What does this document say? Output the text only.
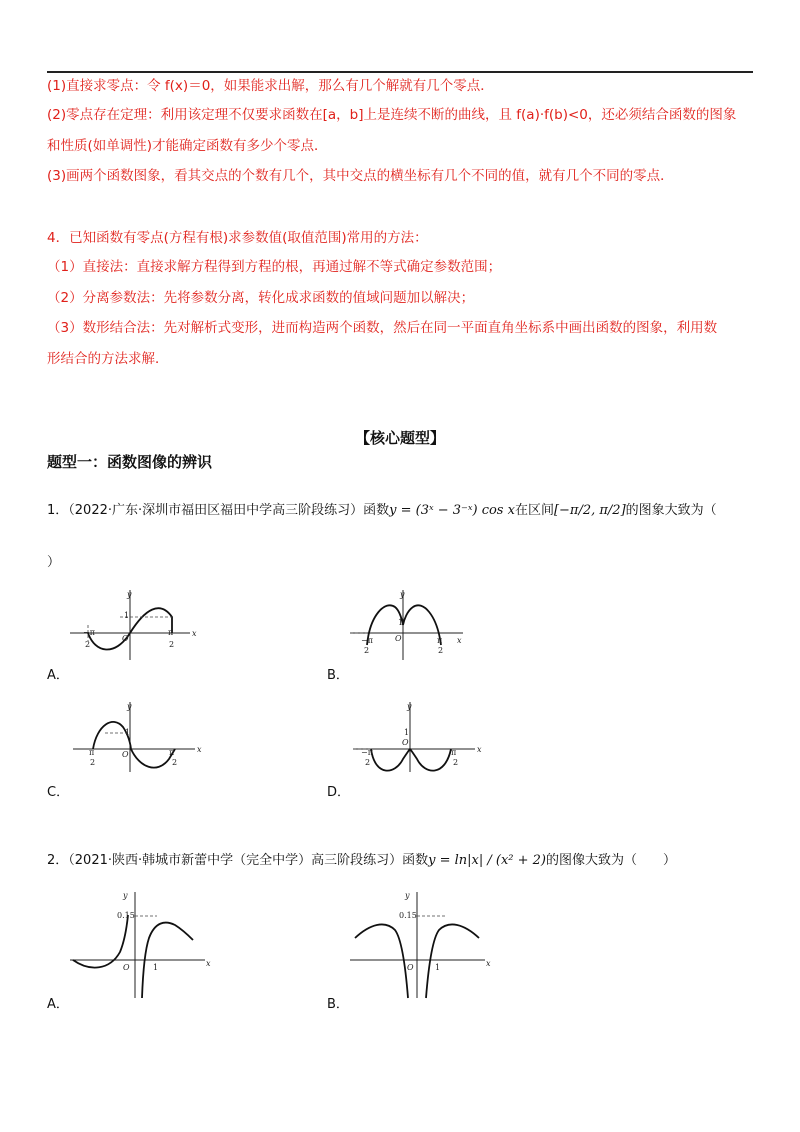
(1)直接求零点：令 f(x)＝0，如果能求出解，那么有几个解就有几个零点．
(2)零点存在定理：利用该定理不仅要求函数在[a，b]上是连续不断的曲线，且 f(a)·f(b)<0，还必须结合函数的图象
和性质(如单调性)才能确定函数有多少个零点．
(3)画两个函数图象，看其交点的个数有几个，其中交点的横坐标有几个不同的值，就有几个不同的零点．
4．已知函数有零点(方程有根)求参数值(取值范围)常用的方法：
（1）直接法：直接求解方程得到方程的根，再通过解不等式确定参数范围；
（2）分离参数法：先将参数分离，转化成求函数的值域问题加以解决；
（3）数形结合法：先对解析式变形，进而构造两个函数，然后在同一平面直角坐标系中画出函数的图象，利用数
形结合的方法求解．
【核心题型】
题型一：函数图像的辨识
1．（2022·广东·深圳市福田区福田中学高三阶段练习）函数y = (3ˣ − 3⁻ˣ) cos x在区间[−π/2, π/2]的图象大致为（
）
y
x
O
1
−π
2
π
2
A．
y
x
O
1
−π
2
π
2
B．
y
x
O
1
π
2
π
2
C．
y
x
O
1
−π
2
π
2
D．
2．（2021·陕西·韩城市新蕾中学（完全中学）高三阶段练习）函数y = ln|x| / (x² + 2)的图像大致为（　　）
y
x
O
0.15
1
A．
y
x
O
0.15
1
B．
